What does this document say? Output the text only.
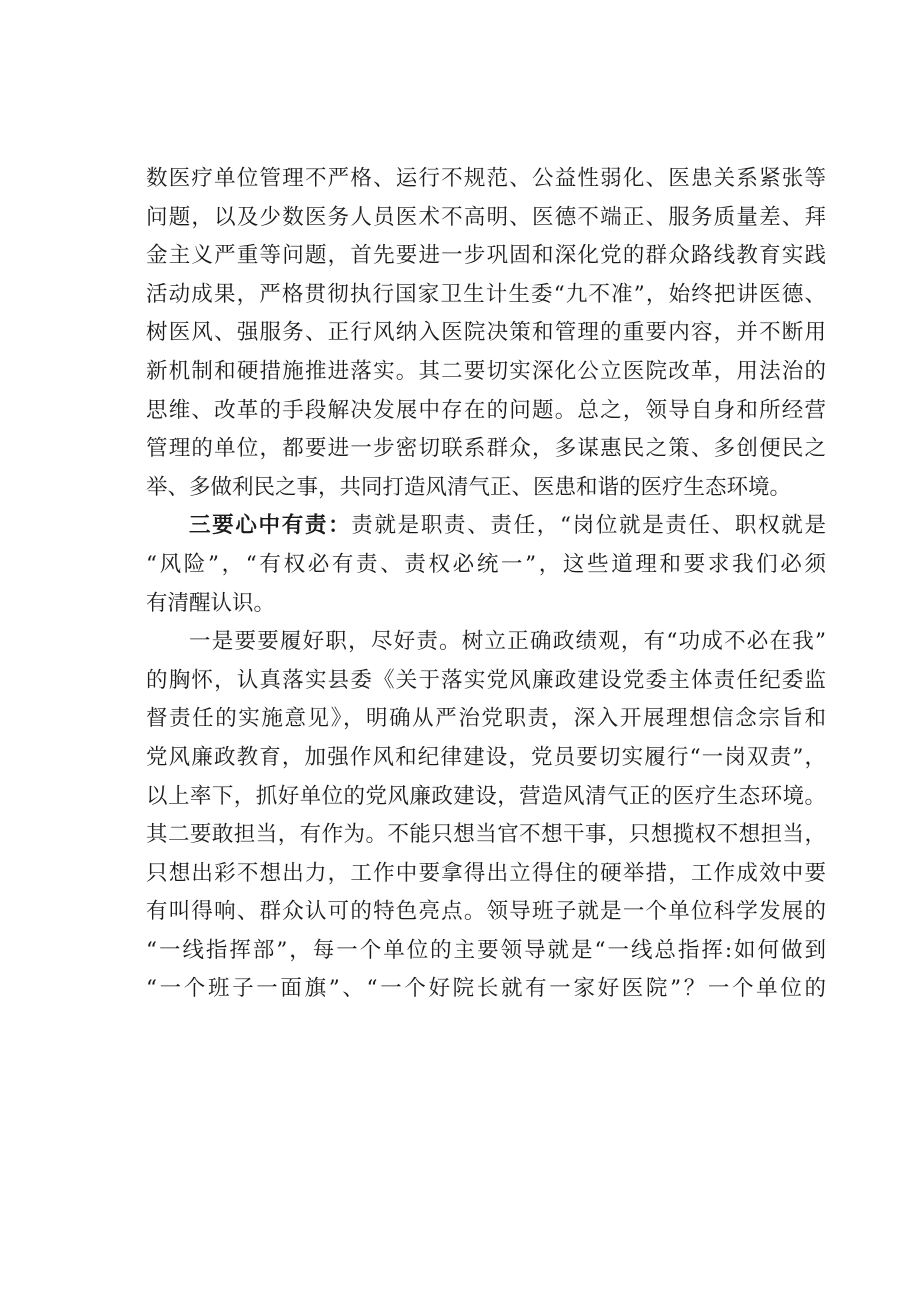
数医疗单位管理不严格、运行不规范、公益性弱化、医患关系紧张等
问题，以及少数医务人员医术不高明、医德不端正、服务质量差、拜
金主义严重等问题，首先要进一步巩固和深化党的群众路线教育实践
活动成果，严格贯彻执行国家卫生计生委“九不准”，始终把讲医德、
树医风、强服务、正行风纳入医院决策和管理的重要内容，并不断用
新机制和硬措施推进落实。其二要切实深化公立医院改革，用法治的
思维、改革的手段解决发展中存在的问题。总之，领导自身和所经营
管理的单位，都要进一步密切联系群众，多谋惠民之策、多创便民之
举、多做利民之事，共同打造风清气正、医患和谐的医疗生态环境。
三要心中有责：责就是职责、责任，“岗位就是责任、职权就是
“风险”，“有权必有责、责权必统一”，这些道理和要求我们必须
有清醒认识。
一是要要履好职，尽好责。树立正确政绩观，有“功成不必在我”
的胸怀，认真落实县委《关于落实党风廉政建设党委主体责任纪委监
督责任的实施意见》，明确从严治党职责，深入开展理想信念宗旨和
党风廉政教育，加强作风和纪律建设，党员要切实履行“一岗双责”，
以上率下，抓好单位的党风廉政建设，营造风清气正的医疗生态环境。
其二要敢担当，有作为。不能只想当官不想干事，只想揽权不想担当，
只想出彩不想出力，工作中要拿得出立得住的硬举措，工作成效中要
有叫得响、群众认可的特色亮点。领导班子就是一个单位科学发展的
“一线指挥部”，每一个单位的主要领导就是“一线总指挥:如何做到
“一个班子一面旗”、“一个好院长就有一家好医院”？一个单位的
